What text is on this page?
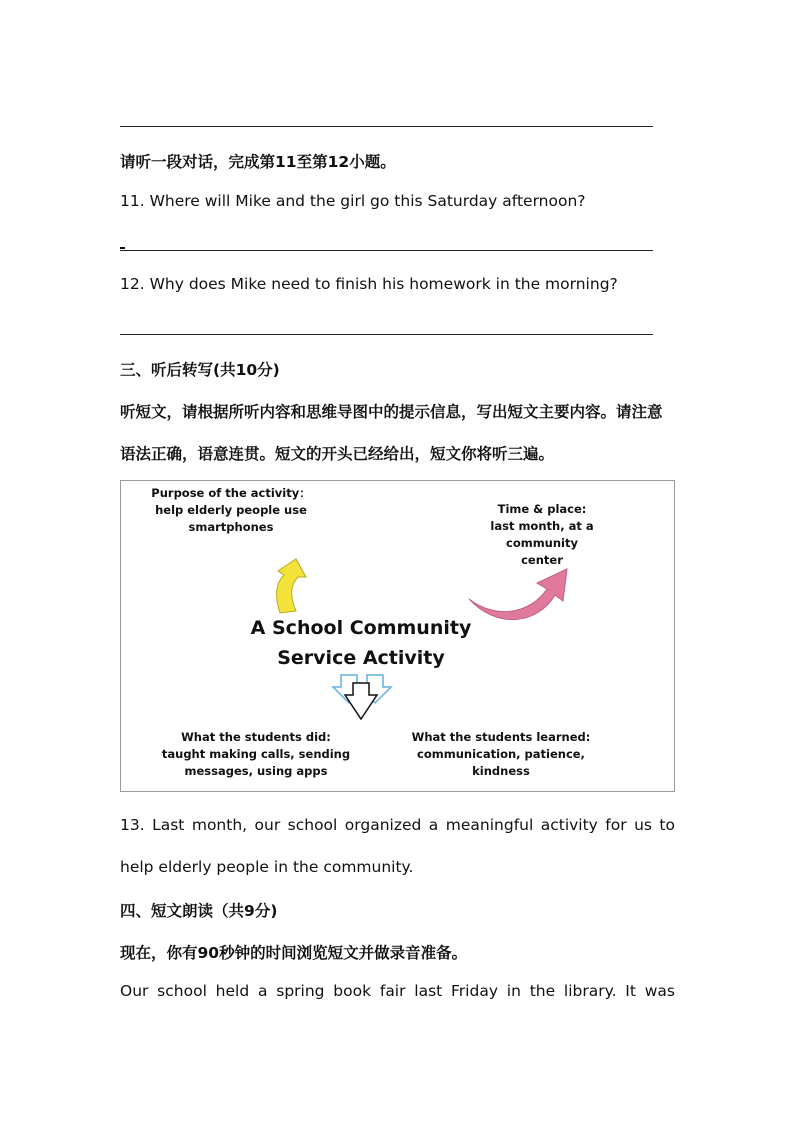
请听一段对话，完成第11至第12小题。
11. Where will Mike and the girl go this Saturday afternoon?
12. Why does Mike need to finish his homework in the morning?
三、听后转写(共10分)
听短文，请根据所听内容和思维导图中的提示信息，写出短文主要内容。请注意
语法正确，语意连贯。短文的开头已经给出，短文你将听三遍。
Purpose of the activity：
help elderly people use
smartphones
Time & place:
last month, at a community
center
A School Community
Service Activity
What the students did:
taught making calls, sending
messages, using apps
What the students learned:
communication, patience,
kindness
13. Last month, our school organized a meaningful activity for us to
help elderly people in the community.
四、短文朗读（共9分)
现在，你有90秒钟的时间浏览短文并做录音准备。
Our school held a spring book fair last Friday in the library. It was
